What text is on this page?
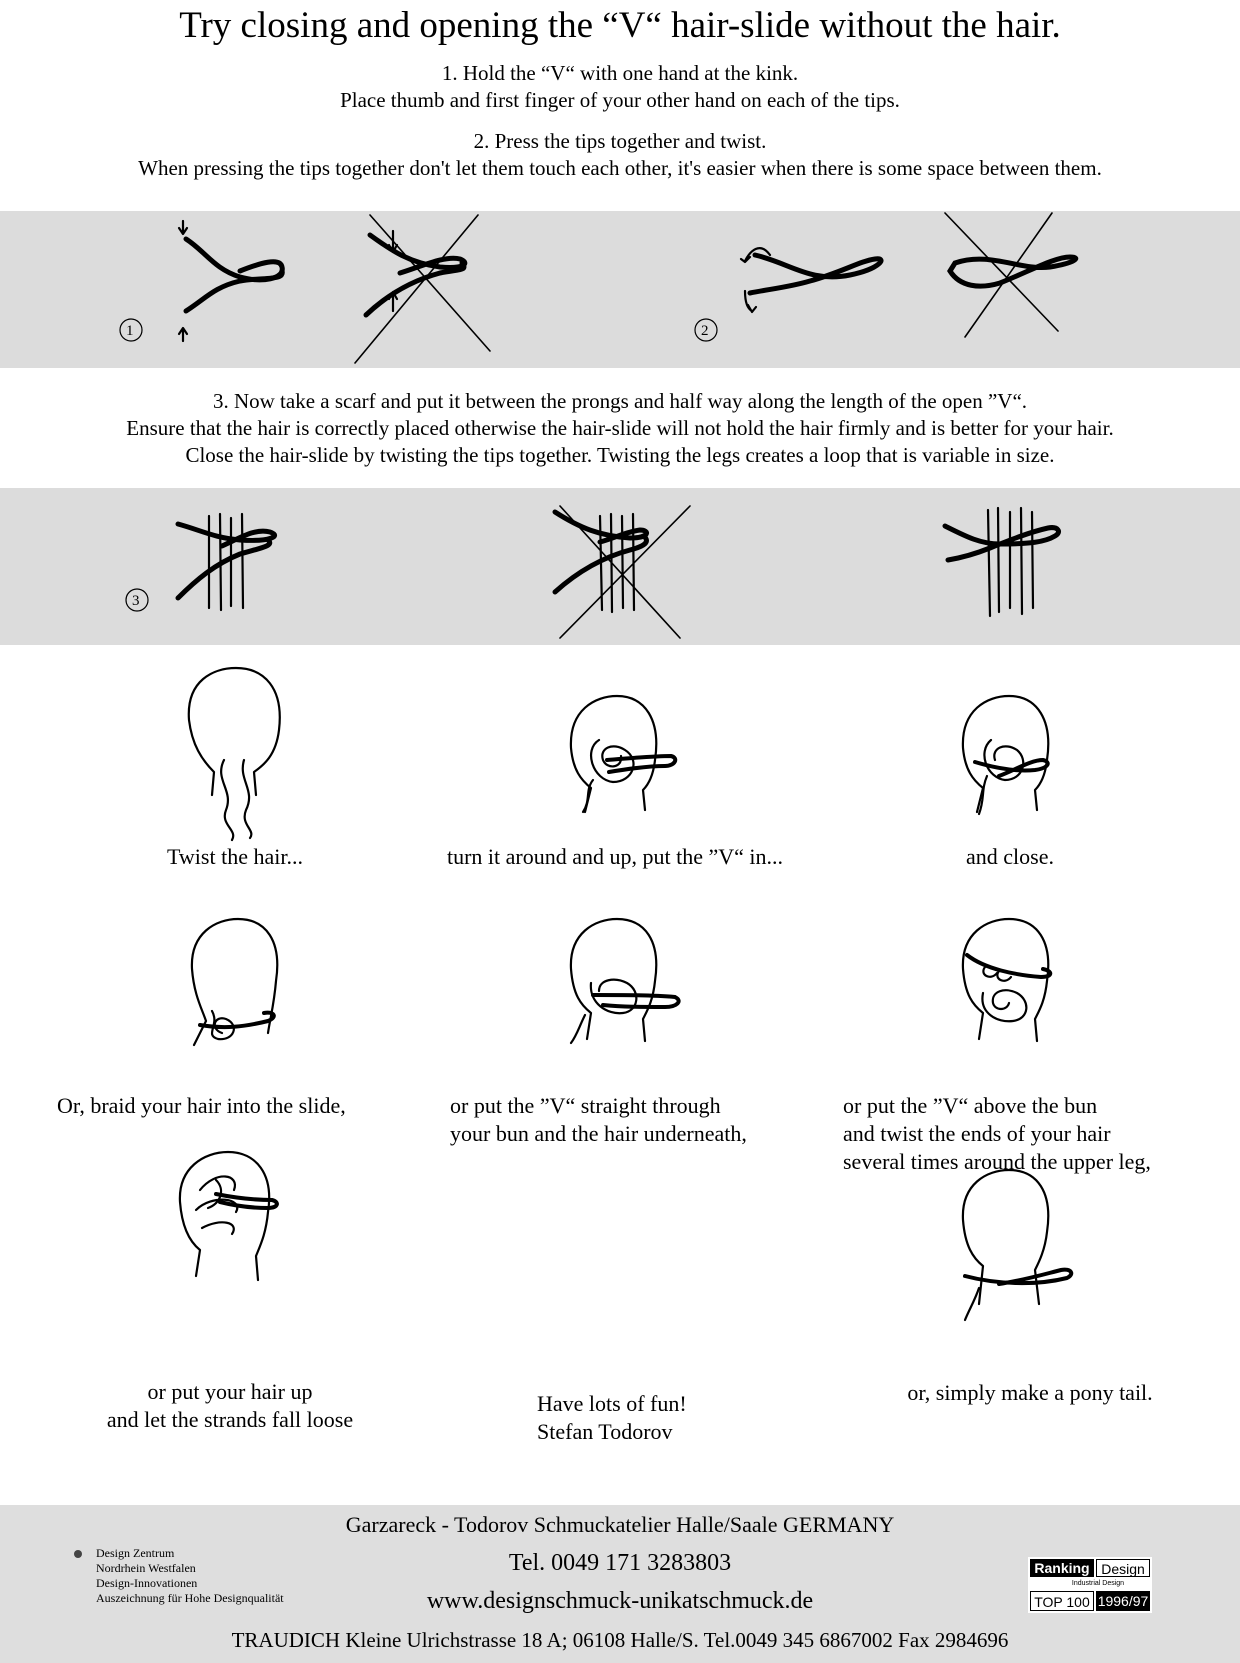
Try closing and opening the “V“ hair-slide without the hair.
1. Hold the “V“ with one hand at the kink.
Place thumb and first finger of your other hand on each of the tips.
2. Press the tips together and twist.
When pressing the tips together don't let them touch each other, it's easier when there is some space between them.
1	2
3. Now take a scarf and put it between the prongs and half way along the length of the open ”V“.
Ensure that the hair is correctly placed otherwise the hair-slide will not hold the hair firmly and is better for your hair.
Close the hair-slide by twisting the tips together. Twisting the legs creates a loop that is variable in size.
3
Twist the hair...	turn it around and up, put the ”V“ in...	and close.
Or, braid your hair into the slide,	or put the ”V“ straight through
your bun and the hair underneath,
or put the ”V“ above the bun
and twist the ends of your hair
several times around the upper leg,
or put your hair up
and let the strands fall loose
Have lots of fun!
Stefan Todorov
or, simply make a pony tail.
Garzareck - Todorov Schmuckatelier Halle/Saale GERMANY
Tel. 0049 171 3283803
www.designschmuck-unikatschmuck.de
TRAUDICH Kleine Ulrichstrasse 18 A; 06108 Halle/S. Tel.0049 345 6867002 Fax 2984696
Design Zentrum
Nordrhein Westfalen
Design-Innovationen
Auszeichnung für Hohe Designqualität
Ranking Design
Industrial Design
TOP 100 1996/97
